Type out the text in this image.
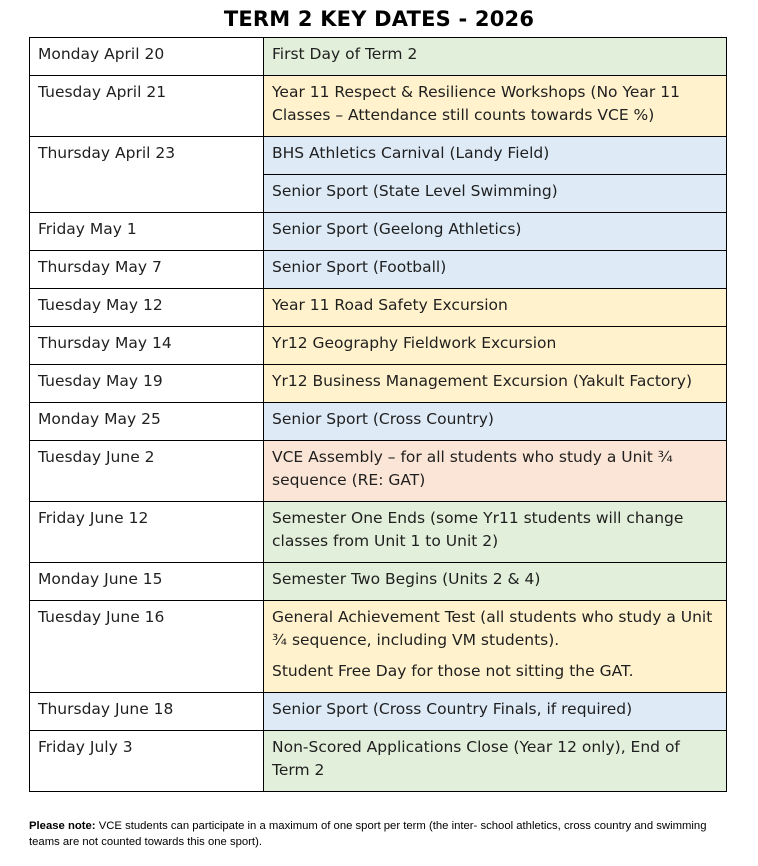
TERM 2 KEY DATES - 2026
Monday April 20	First Day of Term 2

Tuesday April 21	Year 11 Respect & Resilience Workshops (No Year 11 Classes – Attendance still counts towards VCE %)

Thursday April 23	BHS Athletics Carnival (Landy Field)

	Senior Sport (State Level Swimming)

Friday May 1	Senior Sport (Geelong Athletics)

Thursday May 7	Senior Sport (Football)

Tuesday May 12	Year 11 Road Safety Excursion

Thursday May 14	Yr12 Geography Fieldwork Excursion

Tuesday May 19	Yr12 Business Management Excursion (Yakult Factory)

Monday May 25	Senior Sport (Cross Country)

Tuesday June 2	VCE Assembly – for all students who study a Unit ¾ sequence (RE: GAT)

Friday June 12	Semester One Ends (some Yr11 students will change classes from Unit 1 to Unit 2)

Monday June 15	Semester Two Begins (Units 2 & 4)

Tuesday June 16	General Achievement Test (all students who study a Unit ¾ sequence, including VM students).

Student Free Day for those not sitting the GAT.

Thursday June 18	Senior Sport (Cross Country Finals, if required)

Friday July 3	Non-Scored Applications Close (Year 12 only), End of Term 2

Please note: VCE students can participate in a maximum of one sport per term (the inter- school athletics, cross country and swimming teams are not counted towards this one sport).
